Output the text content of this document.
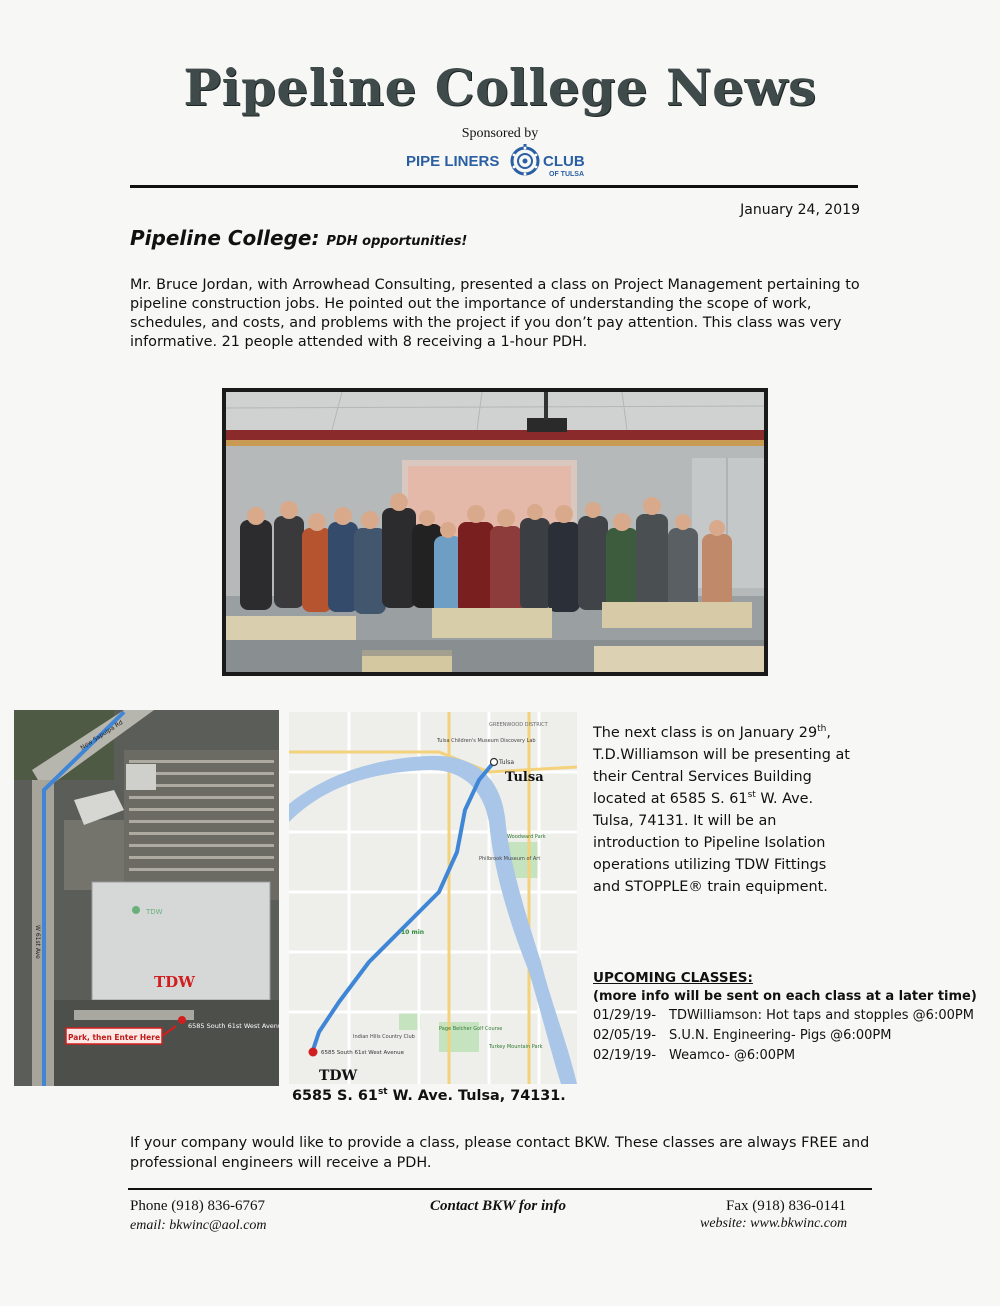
Pipeline College News
Sponsored by
PIPE LINERS	CLUB
OF TULSA
January 24, 2019
Pipeline College: PDH opportunities!
Mr. Bruce Jordan, with Arrowhead Consulting, presented a class on Project Management pertaining to pipeline construction jobs. He pointed out the importance of understanding the scope of work, schedules, and costs, and problems with the project if you don’t pay attention. This class was very informative. 21 people attended with 8 receiving a 1-hour PDH.
TDW
TDW
Park, then Enter Here
6585 South 61st West Avenue
New Sapulpa Rd
W 61st Ave
Tulsa
Tulsa
6585 South 61st West Avenue
10 min
Tulsa Children's Museum Discovery Lab
Woodward Park
Philbrook Museum of Art
Page Belcher Golf Course
Turkey Mountain Park
Indian Hills Country Club
GREENWOOD DISTRICT
TDW
6585 S. 61st W. Ave. Tulsa, 74131.
The next class is on January 29th,
T.D.Williamson will be presenting at
their Central Services Building
located at 6585 S. 61st W. Ave.
Tulsa, 74131. It will be an
introduction to Pipeline Isolation
operations utilizing TDW Fittings
and STOPPLE® train equipment.
UPCOMING CLASSES:
(more info will be sent on each class at a later time)
01/29/19- TDWilliamson: Hot taps and stopples @6:00PM
02/05/19- S.U.N. Engineering- Pigs @6:00PM
02/19/19- Weamco- @6:00PM
If your company would like to provide a class, please contact BKW. These classes are always FREE and professional engineers will receive a PDH.
Phone (918) 836-6767
email: bkwinc@aol.com
Contact BKW for info	Fax (918) 836-0141
website: www.bkwinc.com
